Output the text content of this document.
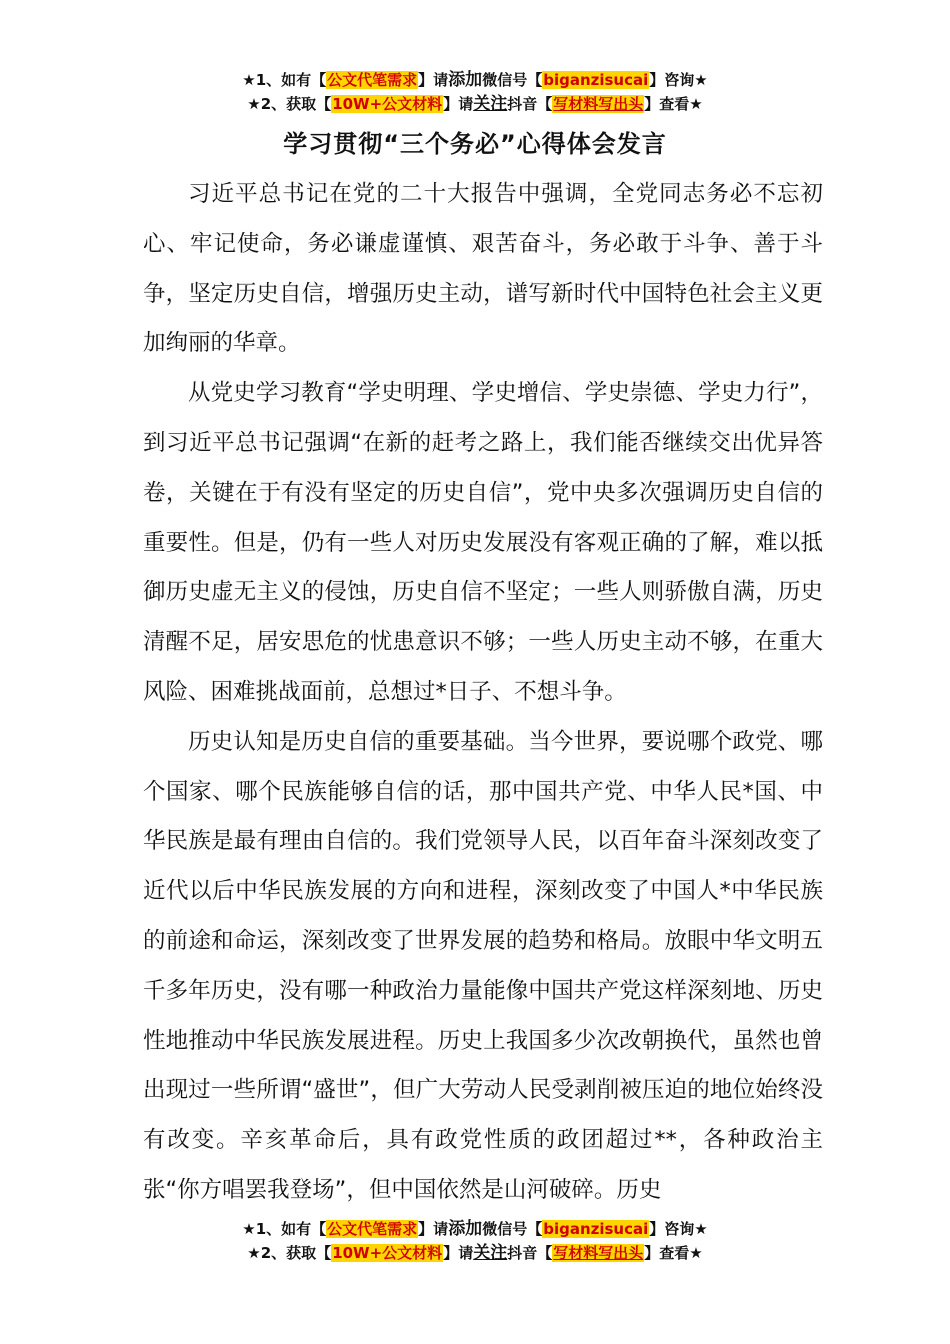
★1、如有【公文代笔需求】请添加微信号【biganzisucai】咨询★
★2、获取【10W+公文材料】请关注抖音【写材料写出头】查看★
学习贯彻“三个务必”心得体会发言

习近平总书记在党的二十大报告中强调，全党同志务必不忘初心、牢记使命，务必谦虚谨慎、艰苦奋斗，务必敢于斗争、善于斗争，坚定历史自信，增强历史主动，谱写新时代中国特色社会主义更加绚丽的华章。

从党史学习教育“学史明理、学史增信、学史崇德、学史力行”，到习近平总书记强调“在新的赶考之路上，我们能否继续交出优异答卷，关键在于有没有坚定的历史自信”，党中央多次强调历史自信的重要性。但是，仍有一些人对历史发展没有客观正确的了解，难以抵御历史虚无主义的侵蚀，历史自信不坚定；一些人则骄傲自满，历史清醒不足，居安思危的忧患意识不够；一些人历史主动不够，在重大风险、困难挑战面前，总想过*日子、不想斗争。

历史认知是历史自信的重要基础。当今世界，要说哪个政党、哪个国家、哪个民族能够自信的话，那中国共产党、中华人民*国、中华民族是最有理由自信的。我们党领导人民，以百年奋斗深刻改变了近代以后中华民族发展的方向和进程，深刻改变了中国人*中华民族的前途和命运，深刻改变了世界发展的趋势和格局。放眼中华文明五千多年历史，没有哪一种政治力量能像中国共产党这样深刻地、历史性地推动中华民族发展进程。历史上我国多少次改朝换代，虽然也曾出现过一些所谓“盛世”，但广大劳动人民受剥削被压迫的地位始终没有改变。辛亥革命后，具有政党性质的政团超过**，各种政治主张“你方唱罢我登场”，但中国依然是山河破碎。历史

★1、如有【公文代笔需求】请添加微信号【biganzisucai】咨询★
★2、获取【10W+公文材料】请关注抖音【写材料写出头】查看★
